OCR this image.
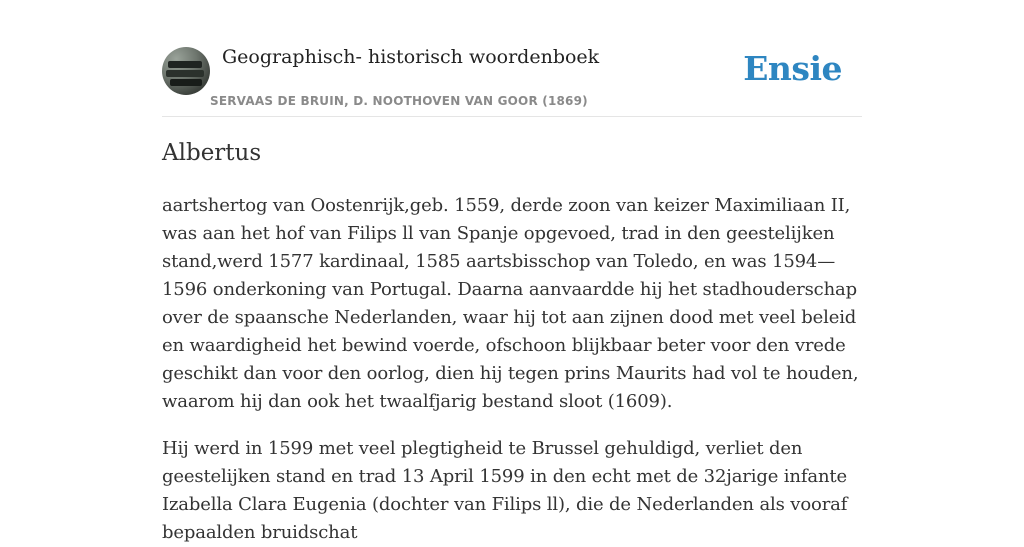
Geographisch- historisch woordenboek
SERVAAS DE BRUIN, D. NOOTHOVEN VAN GOOR (1869)
Ensie
Albertus

aartshertog van Oostenrijk,geb. 1559, derde zoon van keizer Maximiliaan II, was aan het hof van Filips ll van Spanje opgevoed, trad in den geestelijken stand,werd 1577 kardinaal, 1585 aartsbisschop van Toledo, en was 1594—1596 onderkoning van Portugal. Daarna aanvaardde hij het stadhouderschap over de spaansche Nederlanden, waar hij tot aan zijnen dood met veel beleid en waardigheid het bewind voerde, ofschoon blijkbaar beter voor den vrede geschikt dan voor den oorlog, dien hij tegen prins Maurits had vol te houden, waarom hij dan ook het twaalfjarig bestand sloot (1609).

Hij werd in 1599 met veel plegtigheid te Brussel gehuldigd, verliet den geestelijken stand en trad 13 April 1599 in den echt met de 32jarige infante Izabella Clara Eugenia (dochter van Filips ll), die de Nederlanden als vooraf bepaalden bruidschat
